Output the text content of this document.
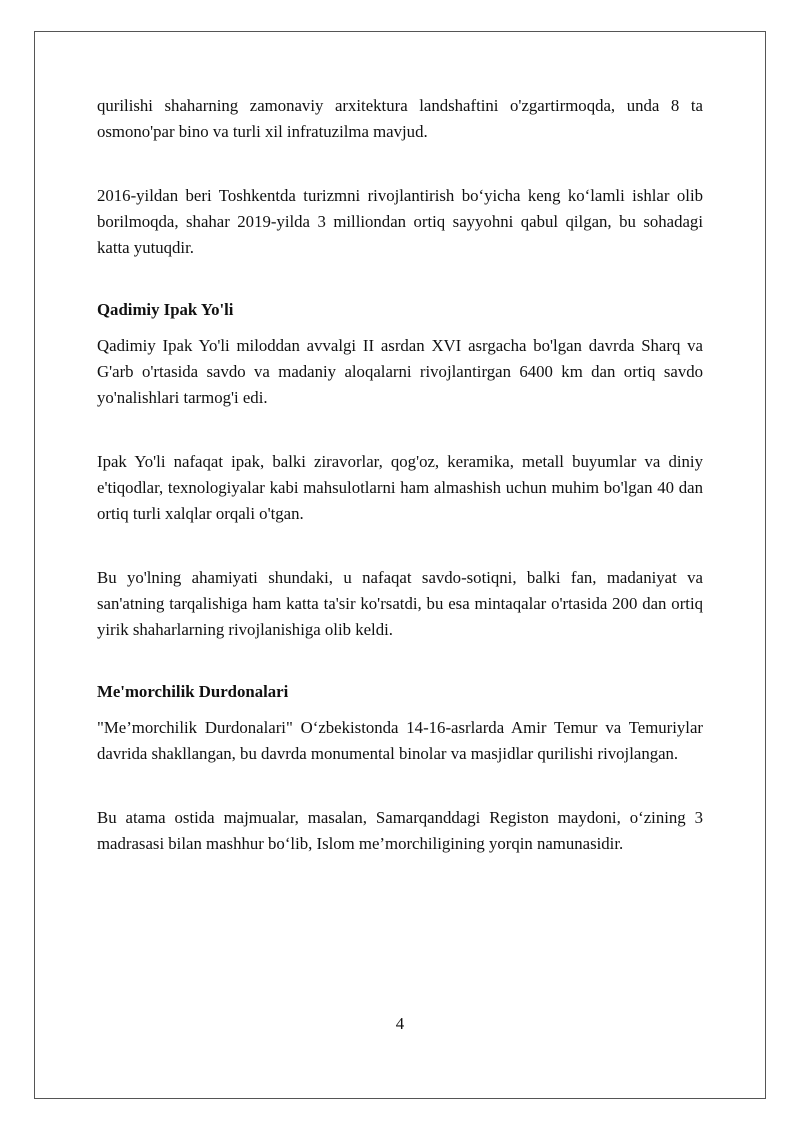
qurilishi shaharning zamonaviy arxitektura landshaftini o'zgartirmoqda, unda 8 ta osmono'par bino va turli xil infratuzilma mavjud.

2016-yildan beri Toshkentda turizmni rivojlantirish bo‘yicha keng ko‘lamli ishlar olib borilmoqda, shahar 2019-yilda 3 milliondan ortiq sayyohni qabul qilgan, bu sohadagi katta yutuqdir.

Qadimiy Ipak Yo'li

Qadimiy Ipak Yo'li miloddan avvalgi II asrdan XVI asrgacha bo'lgan davrda Sharq va G'arb o'rtasida savdo va madaniy aloqalarni rivojlantirgan 6400 km dan ortiq savdo yo'nalishlari tarmog'i edi.

Ipak Yo'li nafaqat ipak, balki ziravorlar, qog'oz, keramika, metall buyumlar va diniy e'tiqodlar, texnologiyalar kabi mahsulotlarni ham almashish uchun muhim bo'lgan 40 dan ortiq turli xalqlar orqali o'tgan.

Bu yo'lning ahamiyati shundaki, u nafaqat savdo-sotiqni, balki fan, madaniyat va san'atning tarqalishiga ham katta ta'sir ko'rsatdi, bu esa mintaqalar o'rtasida 200 dan ortiq yirik shaharlarning rivojlanishiga olib keldi.

Me'morchilik Durdonalari

"Me’morchilik Durdonalari" O‘zbekistonda 14-16-asrlarda Amir Temur va Temuriylar davrida shakllangan, bu davrda monumental binolar va masjidlar qurilishi rivojlangan.

Bu atama ostida majmualar, masalan, Samarqanddagi Registon maydoni, o‘zining 3 madrasasi bilan mashhur bo‘lib, Islom me’morchiligining yorqin namunasidir.

4
